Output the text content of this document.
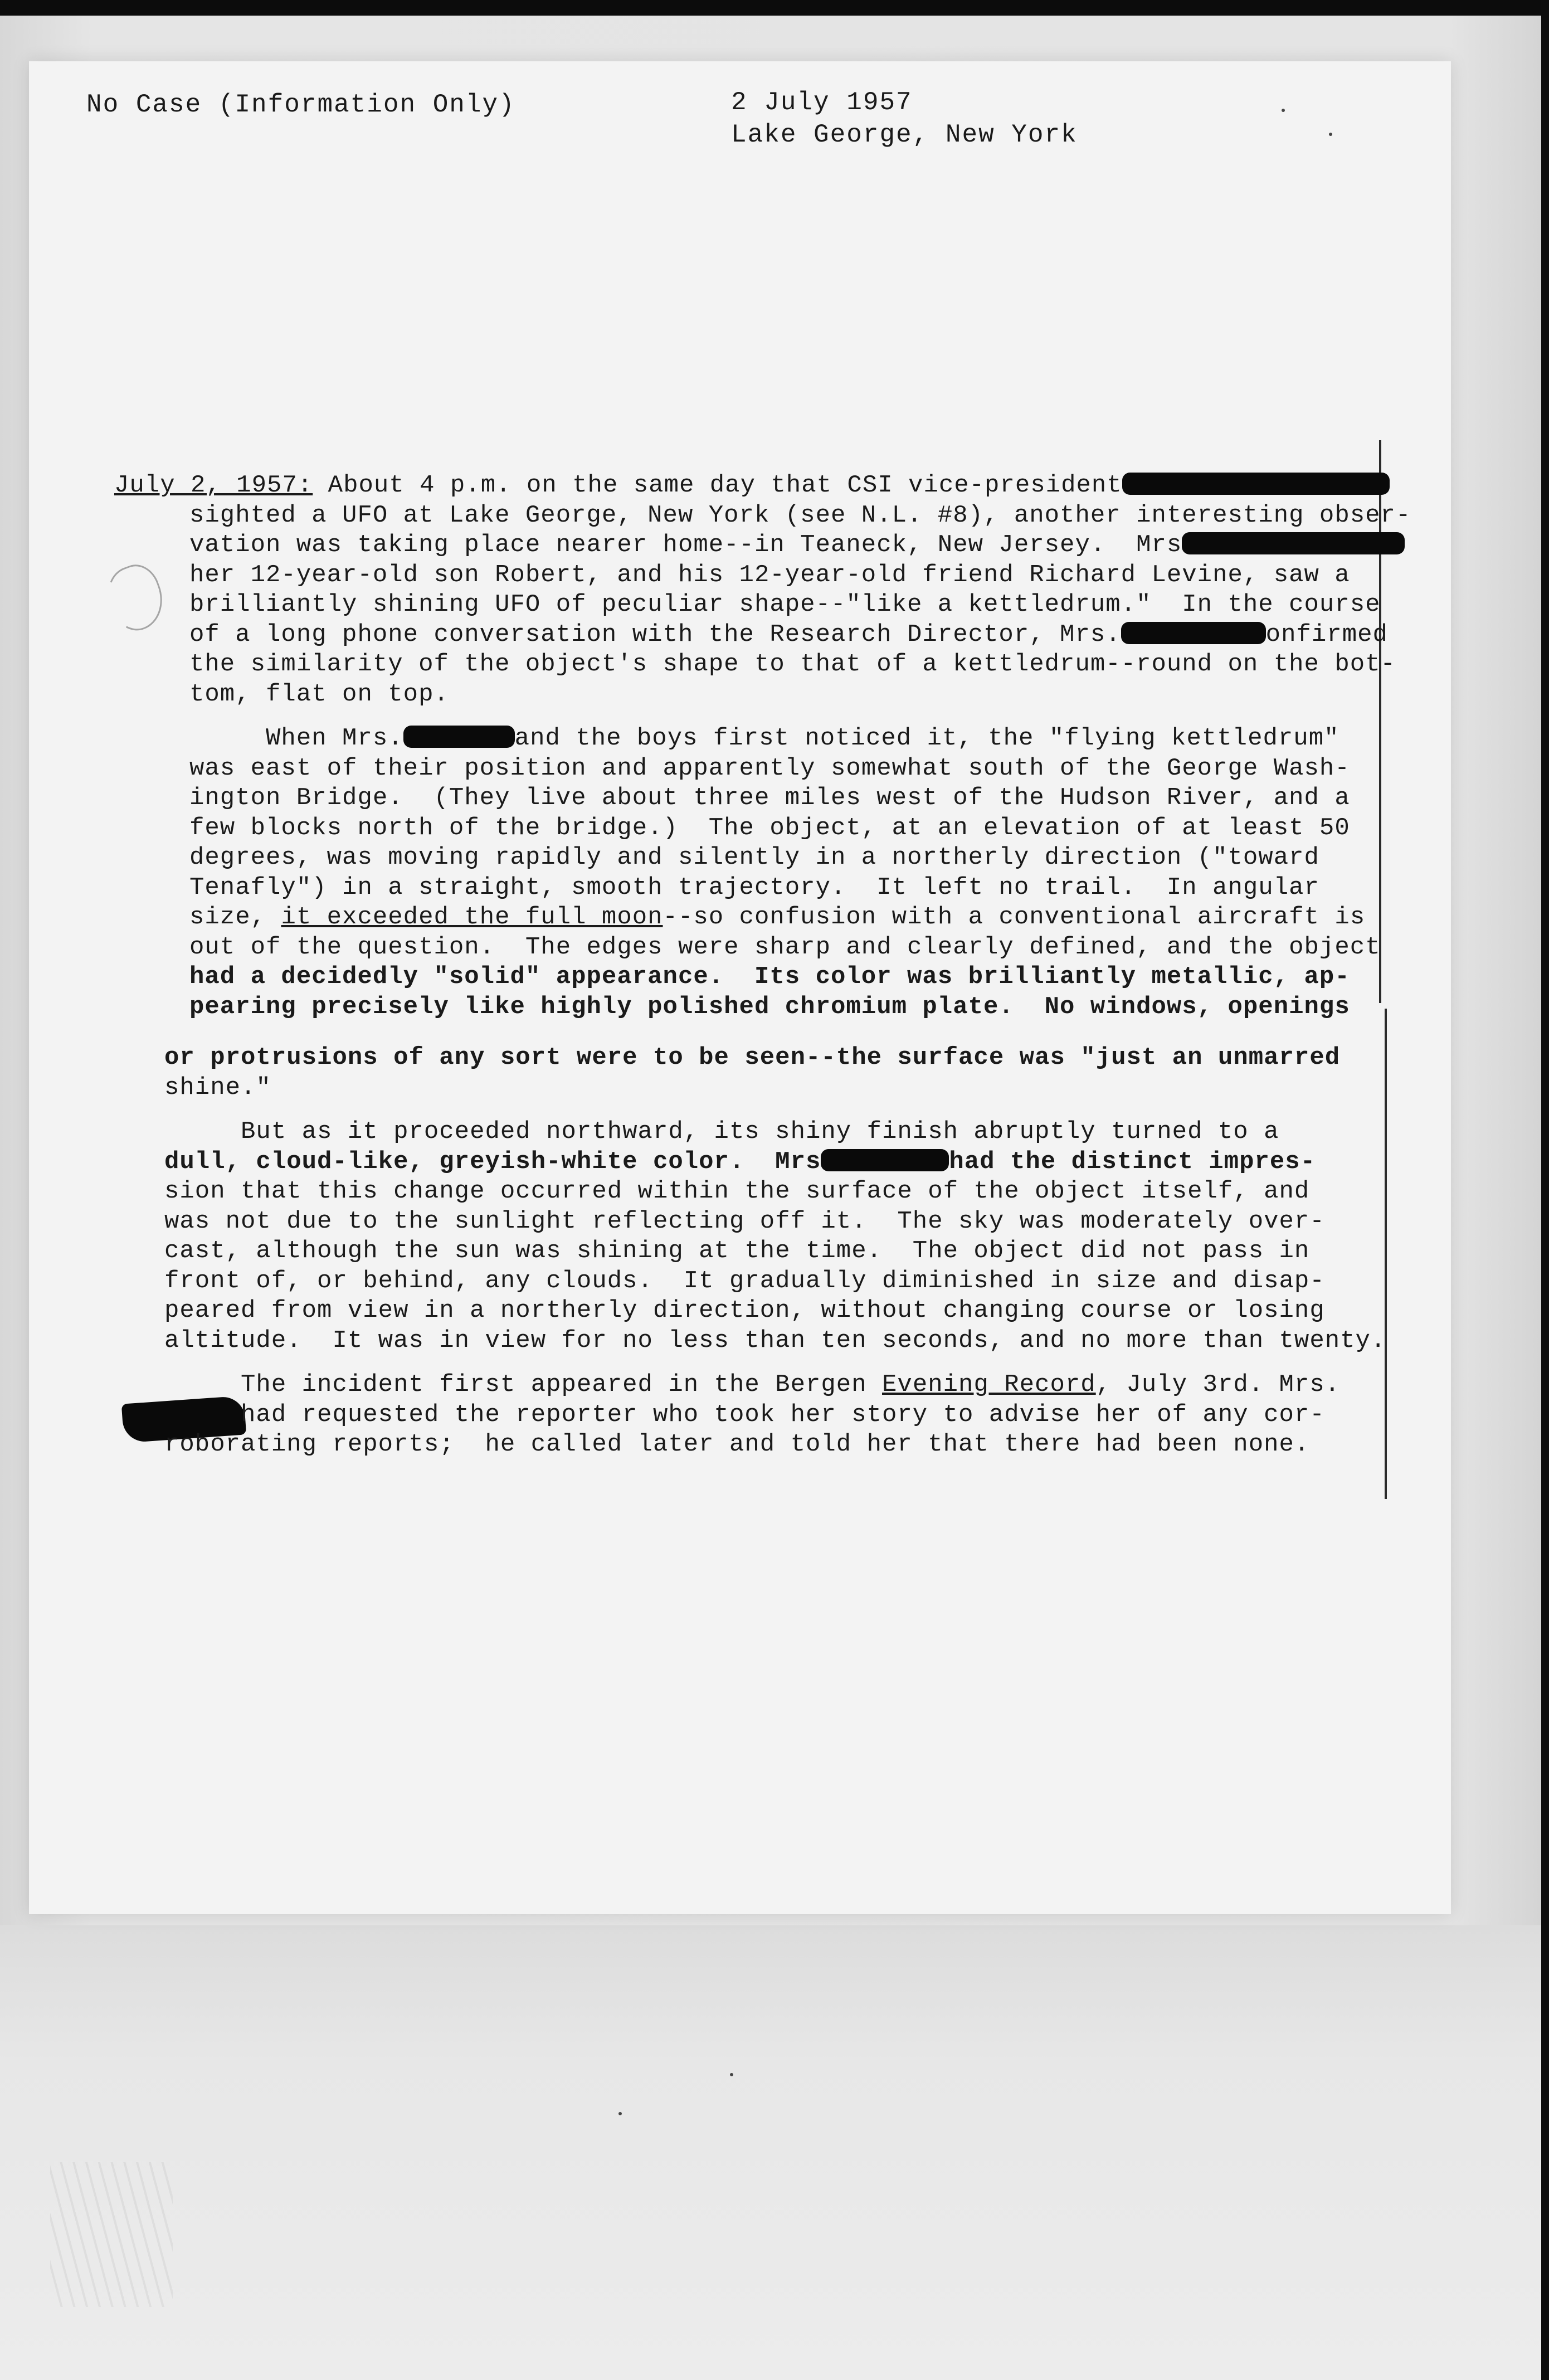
No Case (Information Only)	2 July 1957
Lake George, New York
July 2, 1957: About 4 p.m. on the same day that CSI vice-president
sighted a UFO at Lake George, New York (see N.L. #8), another interesting obser-
vation was taking place nearer home--in Teaneck, New Jersey.  Mrs
her 12-year-old son Robert, and his 12-year-old friend Richard Levine, saw a
brilliantly shining UFO of peculiar shape--"like a kettledrum."  In the course
of a long phone conversation with the Research Director, Mrs.	onfirmed
the similarity of the object's shape to that of a kettledrum--round on the bot-
tom, flat on top.
When Mrs.	and the boys first noticed it, the "flying kettledrum"
was east of their position and apparently somewhat south of the George Wash-
ington Bridge.  (They live about three miles west of the Hudson River, and a
few blocks north of the bridge.)  The object, at an elevation of at least 50
degrees, was moving rapidly and silently in a northerly direction ("toward
Tenafly") in a straight, smooth trajectory.  It left no trail.  In angular
size, it exceeded the full moon--so confusion with a conventional aircraft is
out of the question.  The edges were sharp and clearly defined, and the object
had a decidedly "solid" appearance.  Its color was brilliantly metallic, ap-
pearing precisely like highly polished chromium plate.  No windows, openings
or protrusions of any sort were to be seen--the surface was "just an unmarred
shine."
But as it proceeded northward, its shiny finish abruptly turned to a
dull, cloud-like, greyish-white color.  Mrs	had the distinct impres-
sion that this change occurred within the surface of the object itself, and
was not due to the sunlight reflecting off it.  The sky was moderately over-
cast, although the sun was shining at the time.  The object did not pass in
front of, or behind, any clouds.  It gradually diminished in size and disap-
peared from view in a northerly direction, without changing course or losing
altitude.  It was in view for no less than ten seconds, and no more than twenty.
The incident first appeared in the Bergen Evening Record, July 3rd. Mrs.
had requested the reporter who took her story to advise her of any cor-
roborating reports;  he called later and told her that there had been none.
